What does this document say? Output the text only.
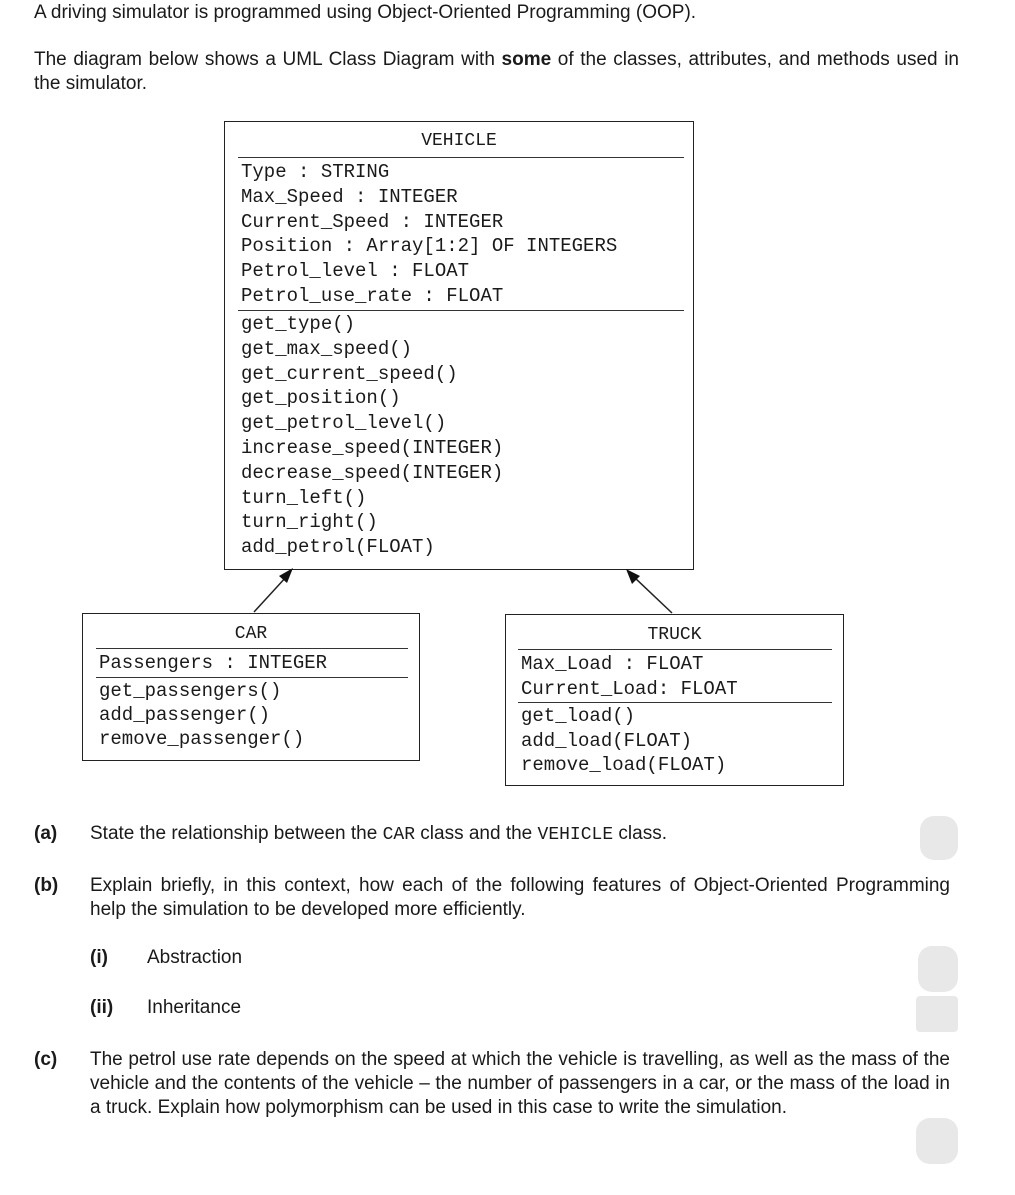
A driving simulator is programmed using Object-Oriented Programming (OOP).
The diagram below shows a UML Class Diagram with some of the classes, attributes, and methods used in the simulator.
VEHICLE
Type : STRING
Max_Speed : INTEGER
Current_Speed : INTEGER
Position : Array[1:2] OF INTEGERS
Petrol_level : FLOAT
Petrol_use_rate : FLOAT
get_type()
get_max_speed()
get_current_speed()
get_position()
get_petrol_level()
increase_speed(INTEGER)
decrease_speed(INTEGER)
turn_left()
turn_right()
add_petrol(FLOAT)
CAR
Passengers : INTEGER
get_passengers()
add_passenger()
remove_passenger()
TRUCK
Max_Load : FLOAT
Current_Load: FLOAT
get_load()
add_load(FLOAT)
remove_load(FLOAT)
(a) State the relationship between the CAR class and the VEHICLE class.
(b) Explain briefly, in this context, how each of the following features of Object-Oriented Programming help the simulation to be developed more efficiently.
(i) Abstraction
(ii) Inheritance
(c) The petrol use rate depends on the speed at which the vehicle is travelling, as well as the mass of the vehicle and the contents of the vehicle – the number of passengers in a car, or the mass of the load in a truck. Explain how polymorphism can be used in this case to write the simulation.
